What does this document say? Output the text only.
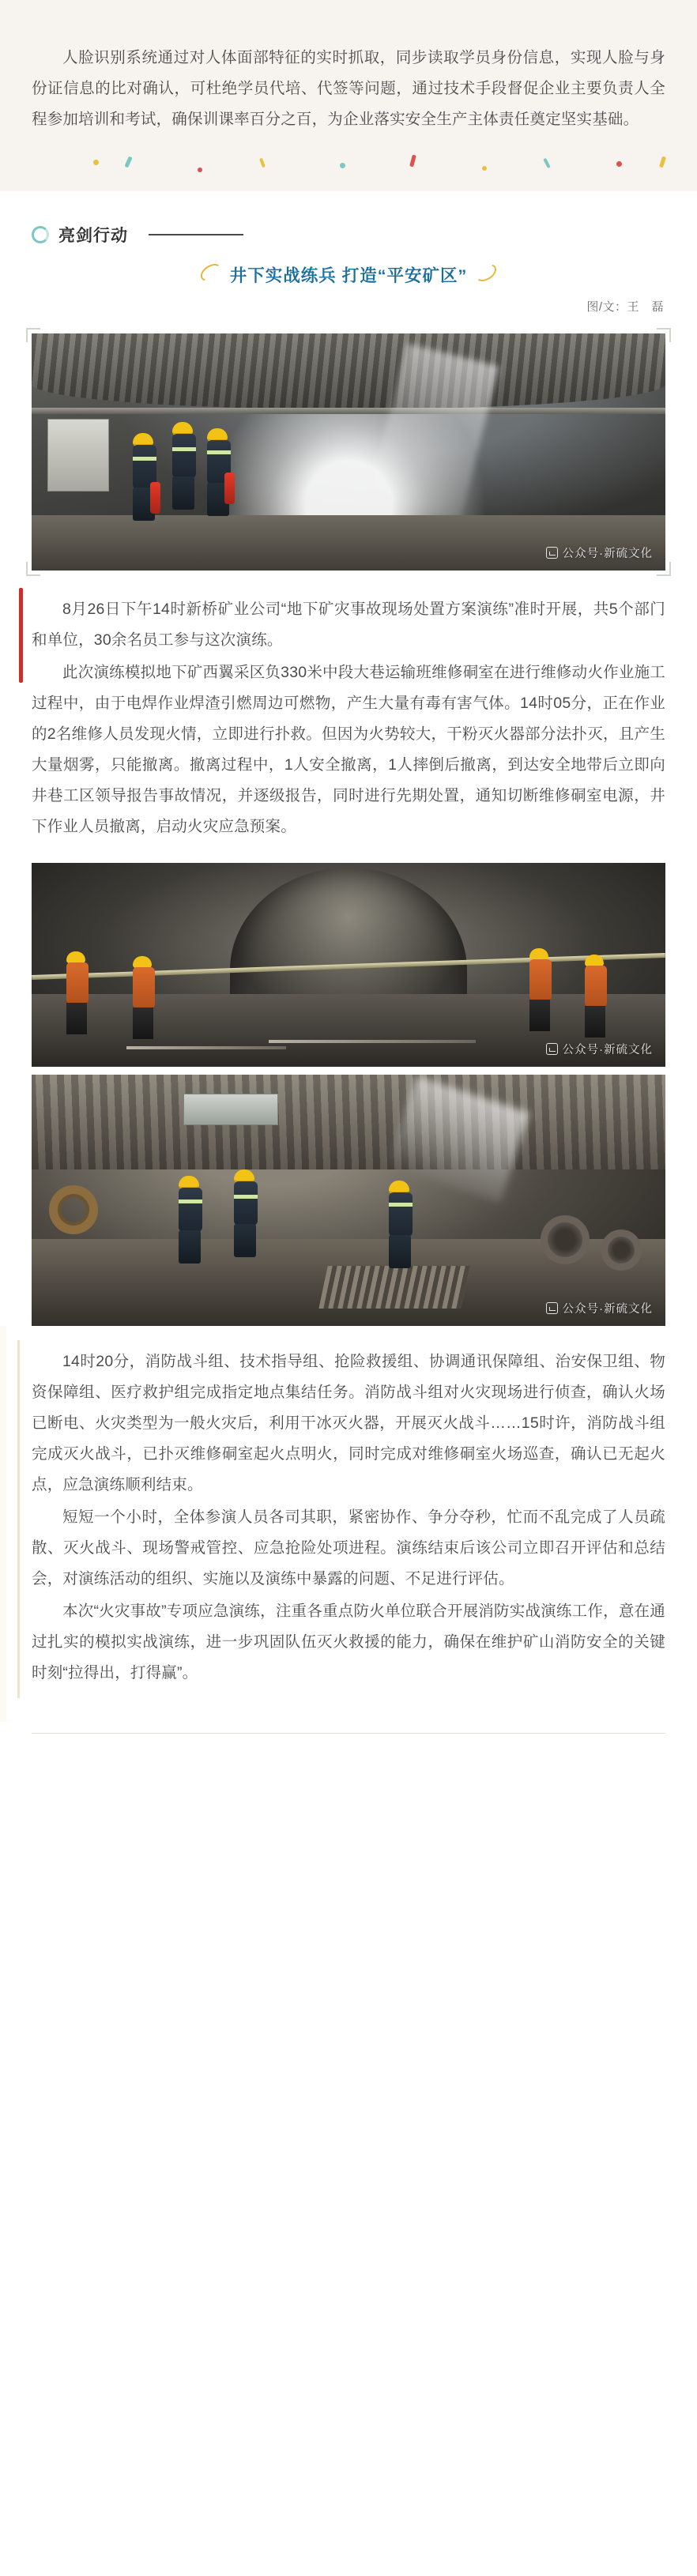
人脸识别系统通过对人体面部特征的实时抓取，同步读取学员身份信息，实现人脸与身份证信息的比对确认，可杜绝学员代培、代签等问题，通过技术手段督促企业主要负责人全程参加培训和考试，确保训课率百分之百，为企业落实安全生产主体责任奠定坚实基础。

亮剑行动
井下实战练兵 打造“平安矿区”
图/文：王　磊
公众号·新硫文化

8月26日下午14时新桥矿业公司“地下矿灾事故现场处置方案演练”准时开展，共5个部门和单位，30余名员工参与这次演练。

此次演练模拟地下矿西翼采区负330米中段大巷运输班维修硐室在进行维修动火作业施工过程中，由于电焊作业焊渣引燃周边可燃物，产生大量有毒有害气体。14时05分，正在作业的2名维修人员发现火情，立即进行扑救。但因为火势较大，干粉灭火器部分法扑灭，且产生大量烟雾，只能撤离。撤离过程中，1人安全撤离，1人摔倒后撤离，到达安全地带后立即向井巷工区领导报告事故情况，并逐级报告，同时进行先期处置，通知切断维修硐室电源，井下作业人员撤离，启动火灾应急预案。

公众号·新硫文化
公众号·新硫文化

14时20分，消防战斗组、技术指导组、抢险救援组、协调通讯保障组、治安保卫组、物资保障组、医疗救护组完成指定地点集结任务。消防战斗组对火灾现场进行侦查，确认火场已断电、火灾类型为一般火灾后，利用干冰灭火器，开展灭火战斗……15时许，消防战斗组完成灭火战斗，已扑灭维修硐室起火点明火，同时完成对维修硐室火场巡查，确认已无起火点，应急演练顺利结束。

短短一个小时，全体参演人员各司其职，紧密协作、争分夺秒，忙而不乱完成了人员疏散、灭火战斗、现场警戒管控、应急抢险处项进程。演练结束后该公司立即召开评估和总结会，对演练活动的组织、实施以及演练中暴露的问题、不足进行评估。

本次“火灾事故”专项应急演练，注重各重点防火单位联合开展消防实战演练工作，意在通过扎实的模拟实战演练，进一步巩固队伍灭火救援的能力，确保在维护矿山消防安全的关键时刻“拉得出，打得赢”。
